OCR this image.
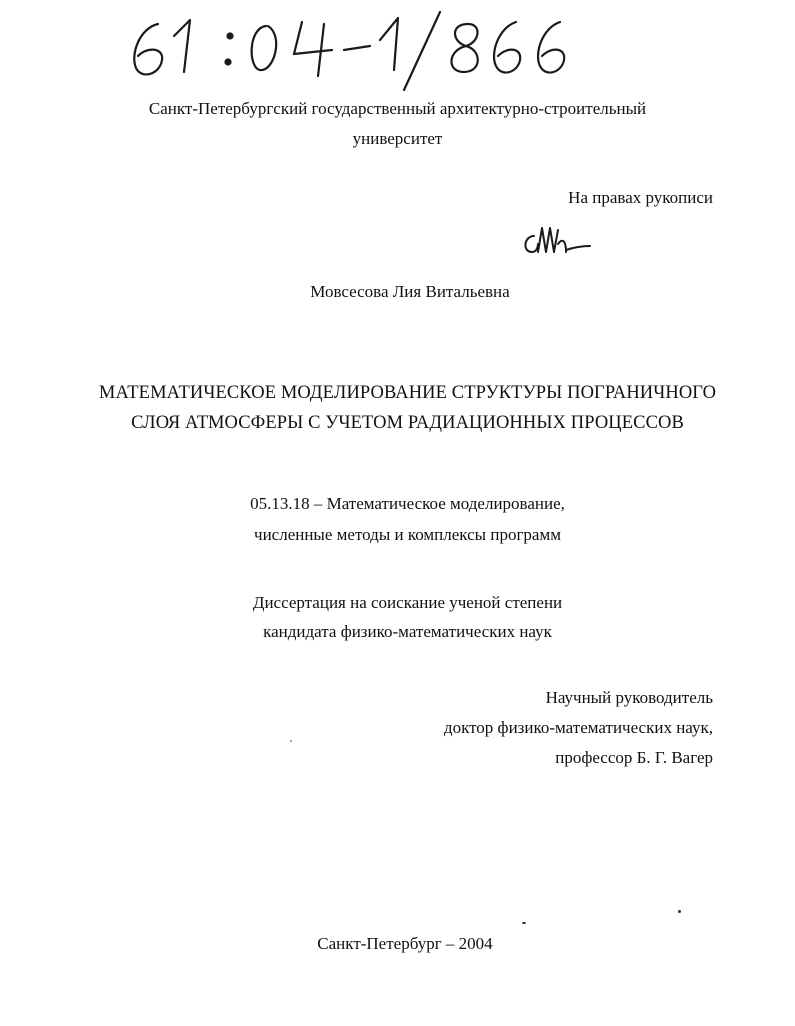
Санкт-Петербургский государственный архитектурно-строительный
университет
На правах рукописи
Мовсесова Лия Витальевна
МАТЕМАТИЧЕСКОЕ МОДЕЛИРОВАНИЕ СТРУКТУРЫ ПОГРАНИЧНОГО
СЛОЯ АТМОСФЕРЫ С УЧЕТОМ РАДИАЦИОННЫХ ПРОЦЕССОВ
05.13.18 – Математическое моделирование,
численные методы и комплексы программ
Диссертация на соискание ученой степени
кандидата физико-математических наук
Научный руководитель
доктор физико-математических наук,
профессор Б. Г. Вагер
Санкт-Петербург – 2004
